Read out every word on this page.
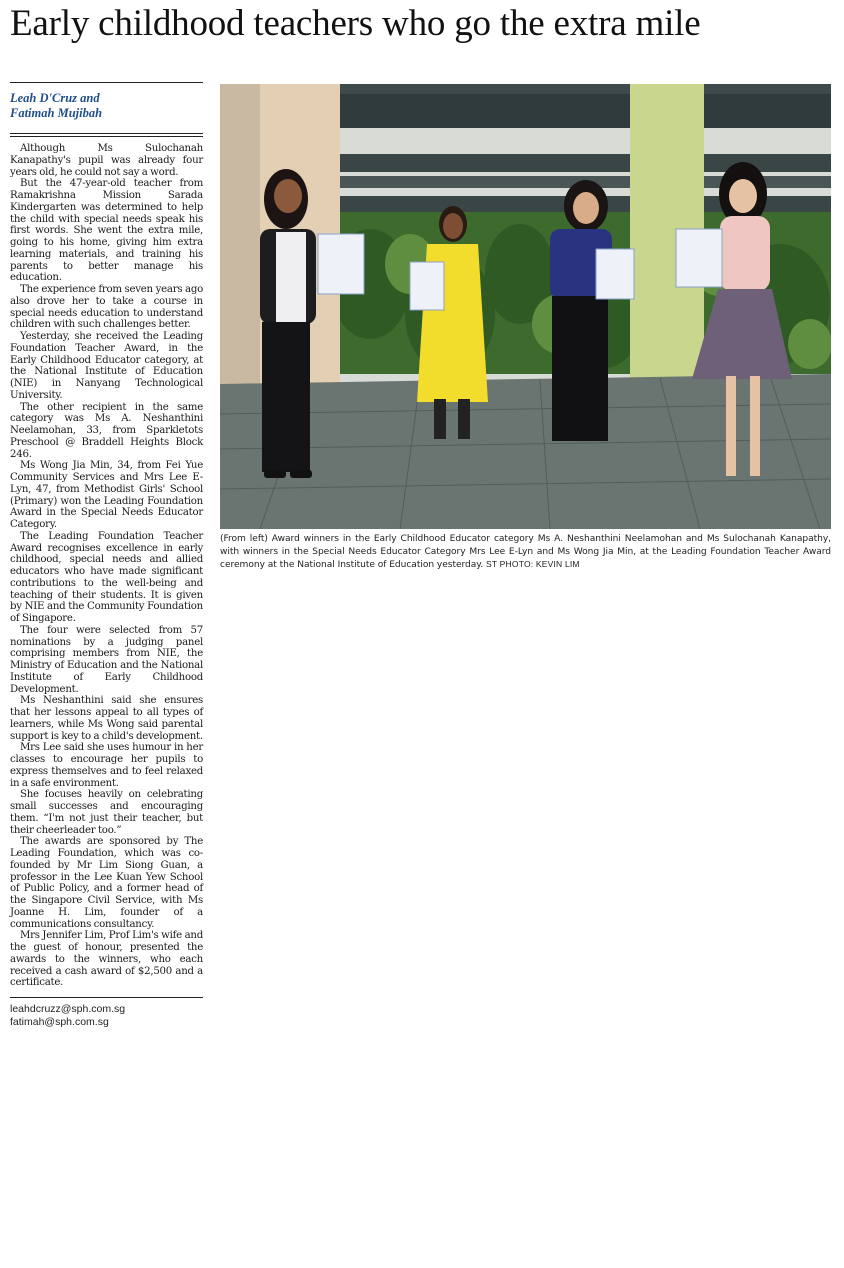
Early childhood teachers who go the extra mile
Leah D'Cruz and
Fatimah Mujibah

Although Ms Sulochanah Kanapathy's pupil was already four years old, he could not say a word.

But the 47-year-old teacher from Ramakrishna Mission Sarada Kindergarten was determined to help the child with special needs speak his first words. She went the extra mile, going to his home, giving him extra learning materials, and training his parents to better manage his education.

The experience from seven years ago also drove her to take a course in special needs education to understand children with such challenges better.

Yesterday, she received the Leading Foundation Teacher Award, in the Early Childhood Educator category, at the National Institute of Education (NIE) in Nanyang Technological University.

The other recipient in the same category was Ms A. Neshanthini Neelamohan, 33, from Sparkletots Preschool @ Braddell Heights Block 246.

Ms Wong Jia Min, 34, from Fei Yue Community Services and Mrs Lee E-Lyn, 47, from Methodist Girls' School (Primary) won the Leading Foundation Award in the Special Needs Educator Category.

The Leading Foundation Teacher Award recognises excellence in early childhood, special needs and allied educators who have made significant contributions to the well-being and teaching of their students. It is given by NIE and the Community Foundation of Singapore.

The four were selected from 57 nominations by a judging panel comprising members from NIE, the Ministry of Education and the National Institute of Early Childhood Development.

Ms Neshanthini said she ensures that her lessons appeal to all types of learners, while Ms Wong said parental support is key to a child's development.

Mrs Lee said she uses humour in her classes to encourage her pupils to express themselves and to feel relaxed in a safe environment.

She focuses heavily on celebrating small successes and encouraging them. “I'm not just their teacher, but their cheerleader too.”

The awards are sponsored by The Leading Foundation, which was co-founded by Mr Lim Siong Guan, a professor in the Lee Kuan Yew School of Public Policy, and a former head of the Singapore Civil Service, with Ms Joanne H. Lim, founder of a communications consultancy.

Mrs Jennifer Lim, Prof Lim's wife and the guest of honour, presented the awards to the winners, who each received a cash award of $2,500 and a certificate.

leahdcruzz@sph.com.sg
fatimah@sph.com.sg
(From left) Award winners in the Early Childhood Educator category Ms A. Neshanthini Neelamohan and Ms Sulochanah Kanapathy, with winners in the Special Needs Educator Category Mrs Lee E-Lyn and Ms Wong Jia Min, at the Leading Foundation Teacher Award ceremony at the National Institute of Education yesterday. ST PHOTO: KEVIN LIM
